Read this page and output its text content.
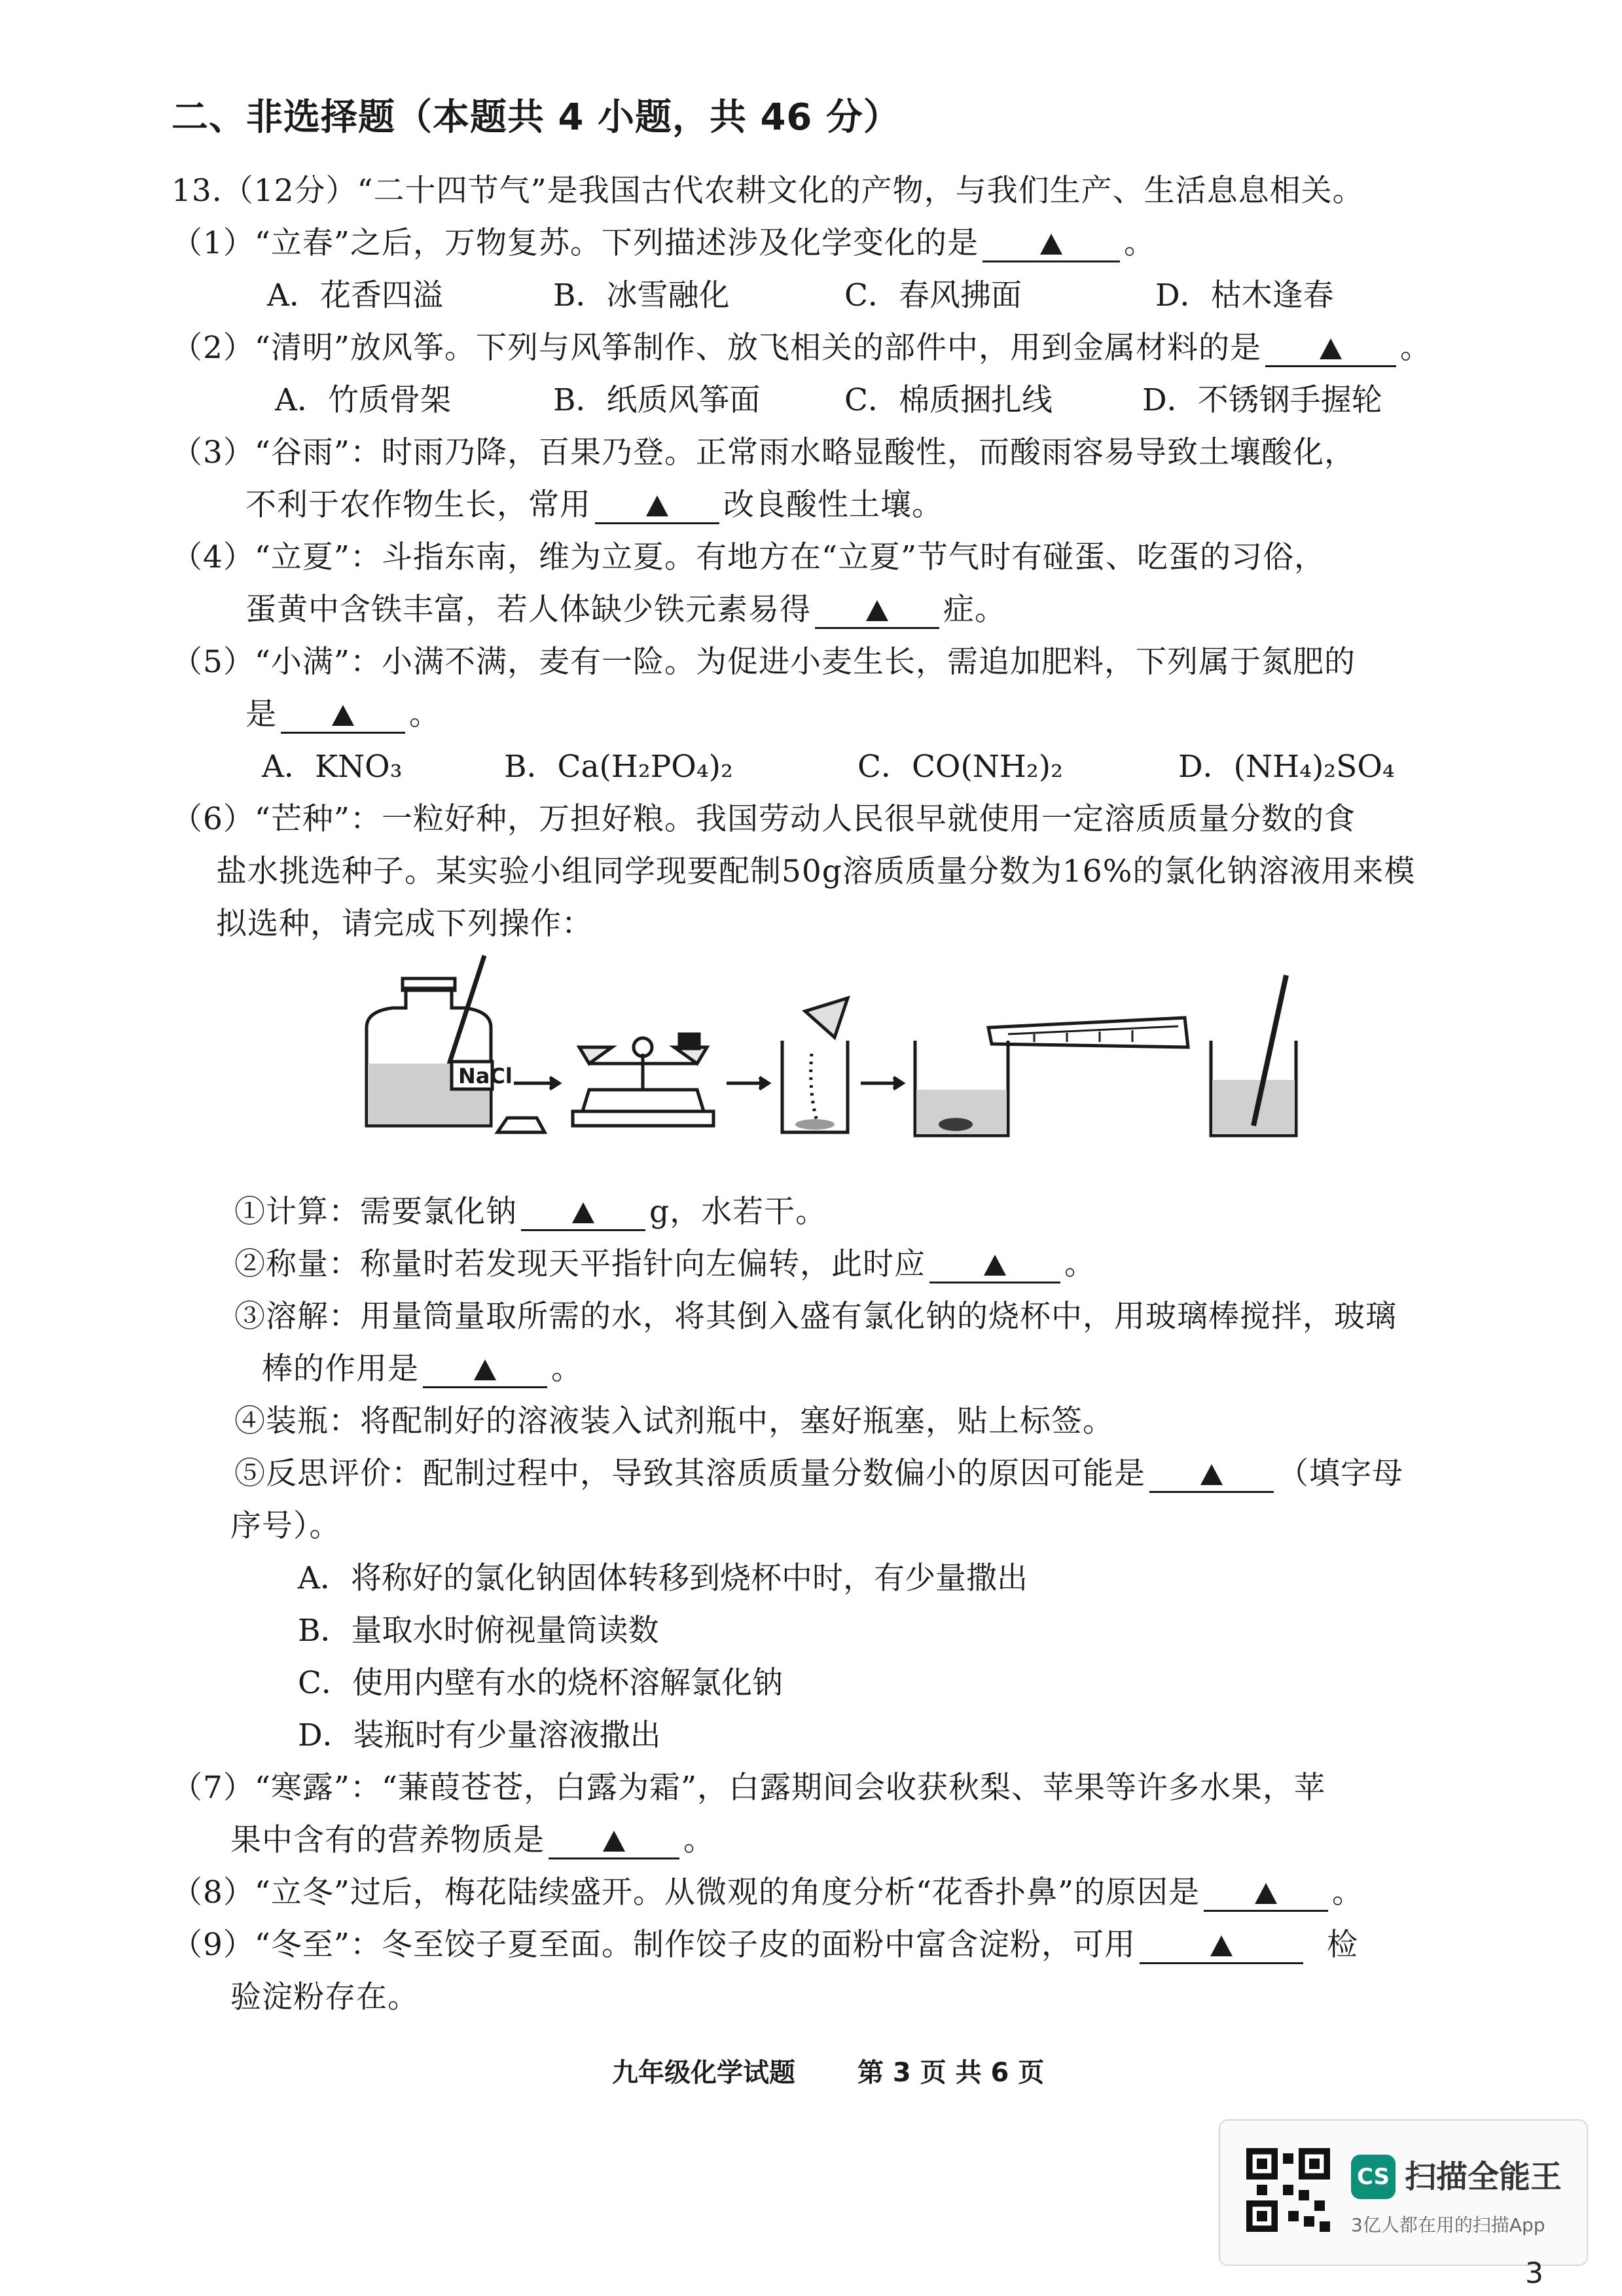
二、非选择题（本题共 4 小题，共 46 分）
13.（12分）“二十四节气”是我国古代农耕文化的产物，与我们生产、生活息息相关。
（1）“立春”之后，万物复苏。下列描述涉及化学变化的是	。
A．花香四溢	B．冰雪融化	C．春风拂面	D．枯木逢春
（2）“清明”放风筝。下列与风筝制作、放飞相关的部件中，用到金属材料的是	。
A．竹质骨架	B．纸质风筝面	C．棉质捆扎线	D．不锈钢手握轮
（3）“谷雨”：时雨乃降，百果乃登。正常雨水略显酸性，而酸雨容易导致土壤酸化，
不利于农作物生长，常用	改良酸性土壤。
（4）“立夏”：斗指东南，维为立夏。有地方在“立夏”节气时有碰蛋、吃蛋的习俗，
蛋黄中含铁丰富，若人体缺少铁元素易得	症。
（5）“小满”：小满不满，麦有一险。为促进小麦生长，需追加肥料，下列属于氮肥的
是	。
A．KNO₃	B．Ca(H₂PO₄)₂	C．CO(NH₂)₂	D．(NH₄)₂SO₄
（6）“芒种”：一粒好种，万担好粮。我国劳动人民很早就使用一定溶质质量分数的食
盐水挑选种子。某实验小组同学现要配制50g溶质质量分数为16%的氯化钠溶液用来模
拟选种，请完成下列操作：
NaCl
①计算：需要氯化钠	g，水若干。
②称量：称量时若发现天平指针向左偏转，此时应	。
③溶解：用量筒量取所需的水，将其倒入盛有氯化钠的烧杯中，用玻璃棒搅拌，玻璃
棒的作用是	。
④装瓶：将配制好的溶液装入试剂瓶中，塞好瓶塞，贴上标签。
⑤反思评价：配制过程中，导致其溶质质量分数偏小的原因可能是	（填字母
序号）。
A．将称好的氯化钠固体转移到烧杯中时，有少量撒出
B．量取水时俯视量筒读数
C．使用内壁有水的烧杯溶解氯化钠
D．装瓶时有少量溶液撒出
（7）“寒露”：“蒹葭苍苍，白露为霜”，白露期间会收获秋梨、苹果等许多水果，苹
果中含有的营养物质是	。
（8）“立冬”过后，梅花陆续盛开。从微观的角度分析“花香扑鼻”的原因是	。
（9）“冬至”：冬至饺子夏至面。制作饺子皮的面粉中富含淀粉，可用	检
验淀粉存在。
九年级化学试题 第 3 页 共 6 页
CS 扫描全能王
3亿人都在用的扫描App
3
